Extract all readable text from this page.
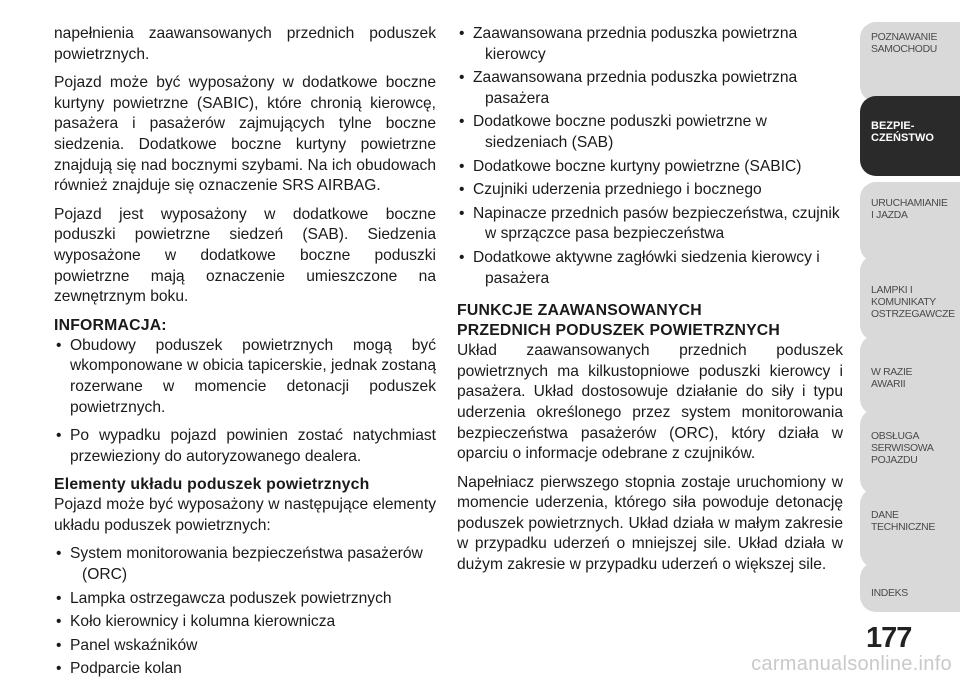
napełnienia zaawansowanych przednich poduszek powietrznych.

Pojazd może być wyposażony w dodatkowe boczne kurtyny powietrzne (SABIC), które chronią kierowcę, pasażera i pasażerów zajmujących tylne boczne siedzenia. Dodatkowe boczne kurtyny powietrzne znajdują się nad bocznymi szybami. Na ich obudowach również znajduje się oznaczenie SRS AIRBAG.

Pojazd jest wyposażony w dodatkowe boczne poduszki powietrzne siedzeń (SAB). Siedzenia wyposażone w dodatkowe boczne poduszki powietrzne mają oznaczenie umieszczone na zewnętrznym boku.

INFORMACJA:

• Obudowy poduszek powietrznych mogą być wkomponowane w obicia tapicerskie, jednak zostaną rozerwane w momencie detonacji poduszek powietrznych.

• Po wypadku pojazd powinien zostać natychmiast przewieziony do autoryzowanego dealera.

Elementy układu poduszek powietrznych

Pojazd może być wyposażony w następujące elementy układu poduszek powietrznych:

• System monitorowania bezpieczeństwa pasażerów
(ORC)
• Lampka ostrzegawcza poduszek powietrznych
• Koło kierownicy i kolumna kierownicza
• Panel wskaźników
• Podparcie kolan
• Zaawansowana przednia poduszka powietrzna
kierowcy
• Zaawansowana przednia poduszka powietrzna
pasażera
• Dodatkowe boczne poduszki powietrzne w
siedzeniach (SAB)
• Dodatkowe boczne kurtyny powietrzne (SABIC)
• Czujniki uderzenia przedniego i bocznego
• Napinacze przednich pasów bezpieczeństwa, czujnik
w sprzączce pasa bezpieczeństwa
• Dodatkowe aktywne zagłówki siedzenia kierowcy i
pasażera
FUNKCJE ZAAWANSOWANYCH
PRZEDNICH PODUSZEK POWIETRZNYCH

Układ zaawansowanych przednich poduszek powietrznych ma kilkustopniowe poduszki kierowcy i pasażera. Układ dostosowuje działanie do siły i typu uderzenia określonego przez system monitorowania bezpieczeństwa pasażerów (ORC), który działa w oparciu o informacje odebrane z czujników.

Napełniacz pierwszego stopnia zostaje uruchomiony w momencie uderzenia, którego siła powoduje detonację poduszek powietrznych. Układ działa w małym zakresie w przypadku uderzeń o mniejszej sile. Układ działa w dużym zakresie w przypadku uderzeń o większej sile.

POZNAWANIE
SAMOCHODU
BEZPIE-
CZEŃSTWO
URUCHAMIANIE
I JAZDA
LAMPKI I
KOMUNIKATY
OSTRZEGAWCZE
W RAZIE
AWARII
OBSŁUGA
SERWISOWA
POJAZDU
DANE
TECHNICZNE
INDEKS
177
carmanualsonline.info
